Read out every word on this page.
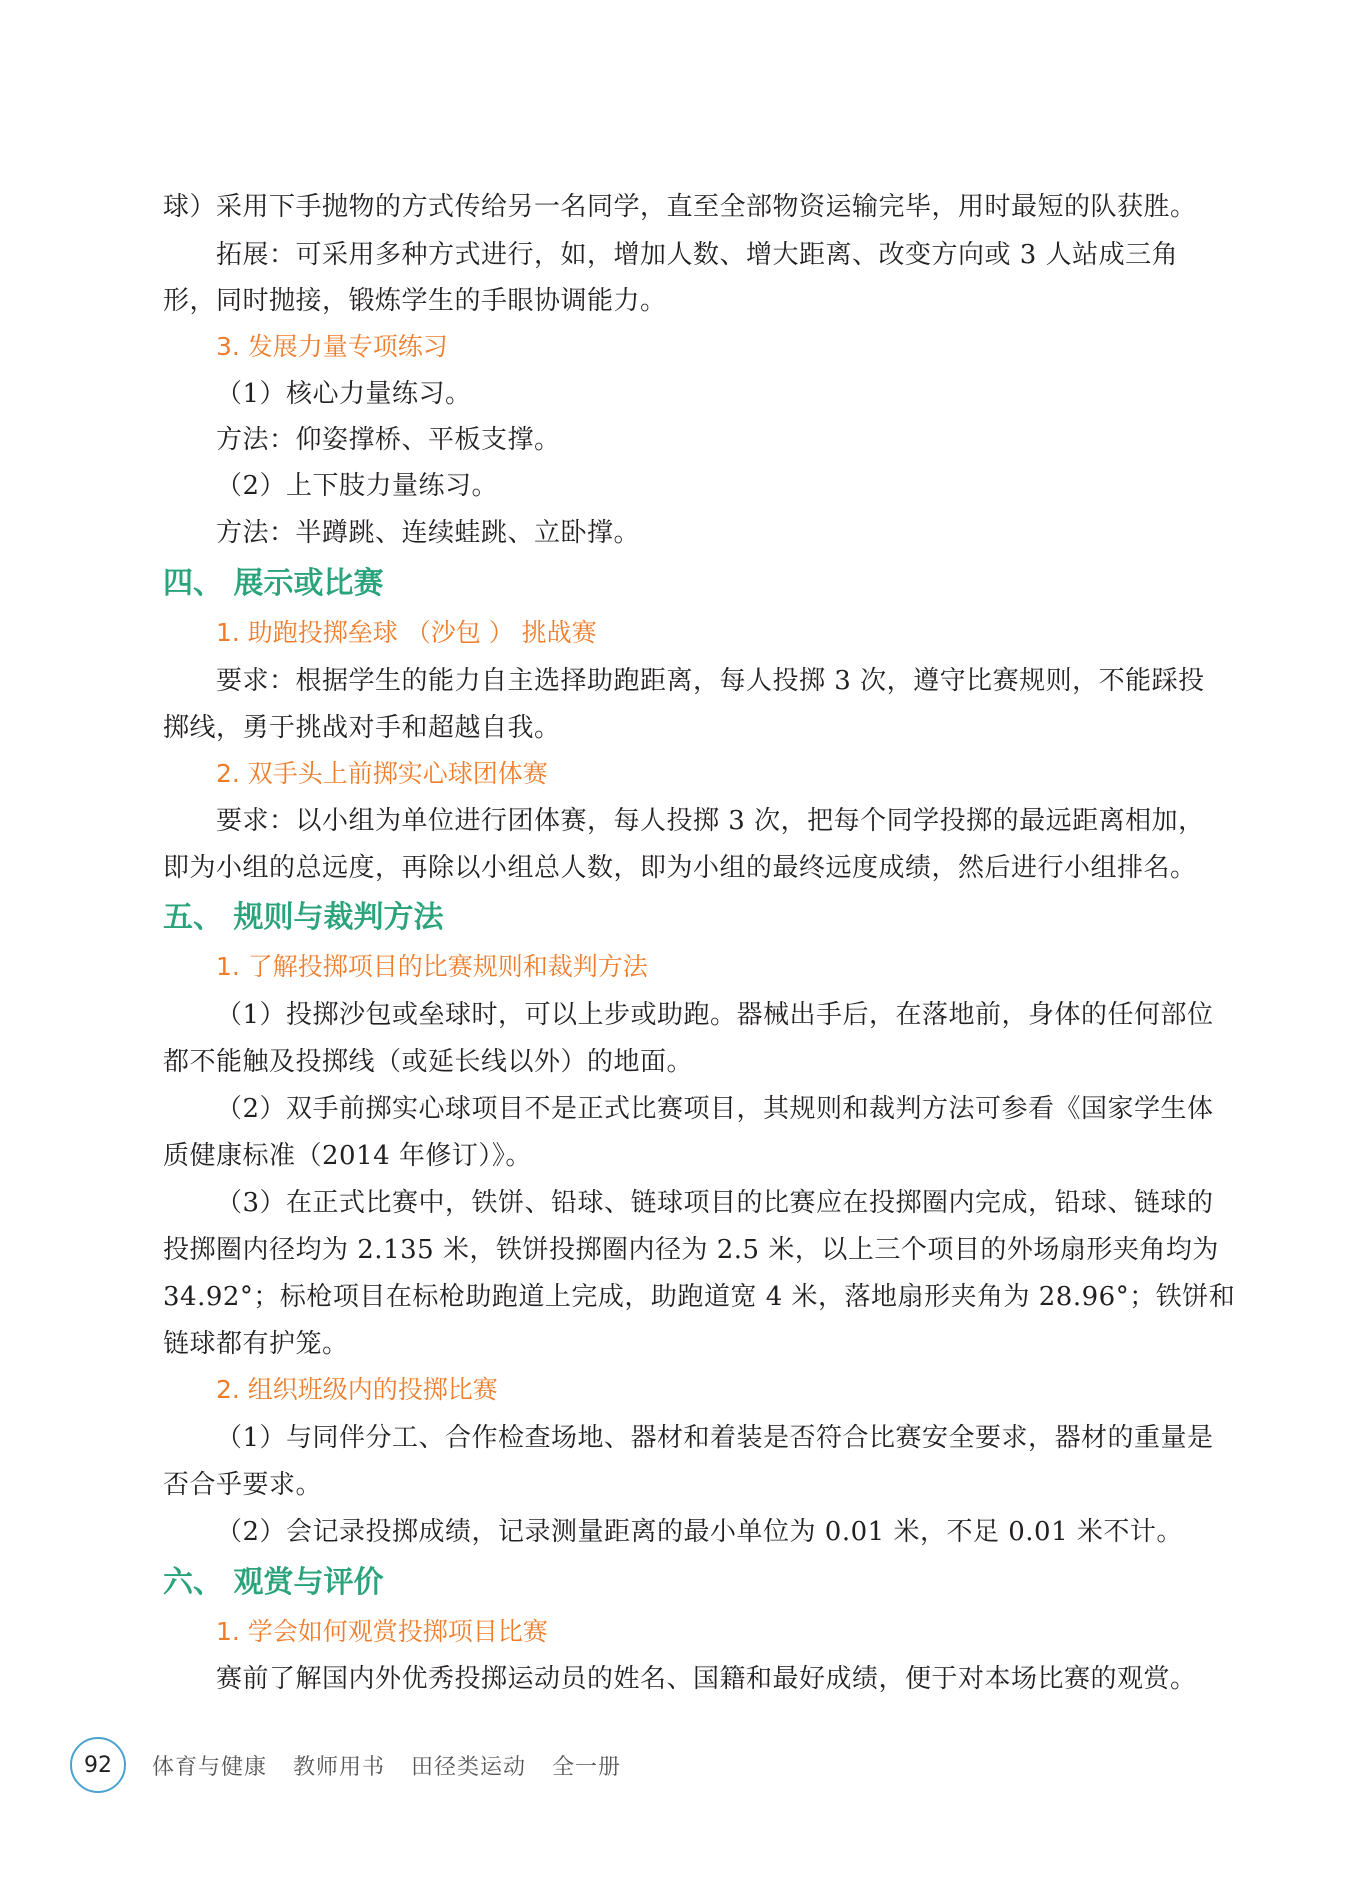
球）采用下手抛物的方式传给另一名同学，直至全部物资运输完毕，用时最短的队获胜。
拓展：可采用多种方式进行，如，增加人数、增大距离、改变方向或 3 人站成三角
形，同时抛接，锻炼学生的手眼协调能力。
3. 发展力量专项练习
（1）核心力量练习。
方法：仰姿撑桥、平板支撑。
（2）上下肢力量练习。
方法：半蹲跳、连续蛙跳、立卧撑。
四、 展示或比赛
1. 助跑投掷垒球 （沙包 ） 挑战赛
要求：根据学生的能力自主选择助跑距离，每人投掷 3 次，遵守比赛规则，不能踩投
掷线，勇于挑战对手和超越自我。
2. 双手头上前掷实心球团体赛
要求：以小组为单位进行团体赛，每人投掷 3 次，把每个同学投掷的最远距离相加，
即为小组的总远度，再除以小组总人数，即为小组的最终远度成绩，然后进行小组排名。
五、 规则与裁判方法
1. 了解投掷项目的比赛规则和裁判方法
（1）投掷沙包或垒球时，可以上步或助跑。器械出手后，在落地前，身体的任何部位
都不能触及投掷线（或延长线以外）的地面。
（2）双手前掷实心球项目不是正式比赛项目，其规则和裁判方法可参看《国家学生体
质健康标准（2014 年修订）》。
（3）在正式比赛中，铁饼、铅球、链球项目的比赛应在投掷圈内完成，铅球、链球的
投掷圈内径均为 2.135 米，铁饼投掷圈内径为 2.5 米，以上三个项目的外场扇形夹角均为
34.92°；标枪项目在标枪助跑道上完成，助跑道宽 4 米，落地扇形夹角为 28.96°；铁饼和
链球都有护笼。
2. 组织班级内的投掷比赛
（1）与同伴分工、合作检查场地、器材和着装是否符合比赛安全要求，器材的重量是
否合乎要求。
（2）会记录投掷成绩，记录测量距离的最小单位为 0.01 米，不足 0.01 米不计。
六、 观赏与评价
1. 学会如何观赏投掷项目比赛
赛前了解国内外优秀投掷运动员的姓名、国籍和最好成绩，便于对本场比赛的观赏。
92	体育与健康 教师用书 田径类运动 全一册
